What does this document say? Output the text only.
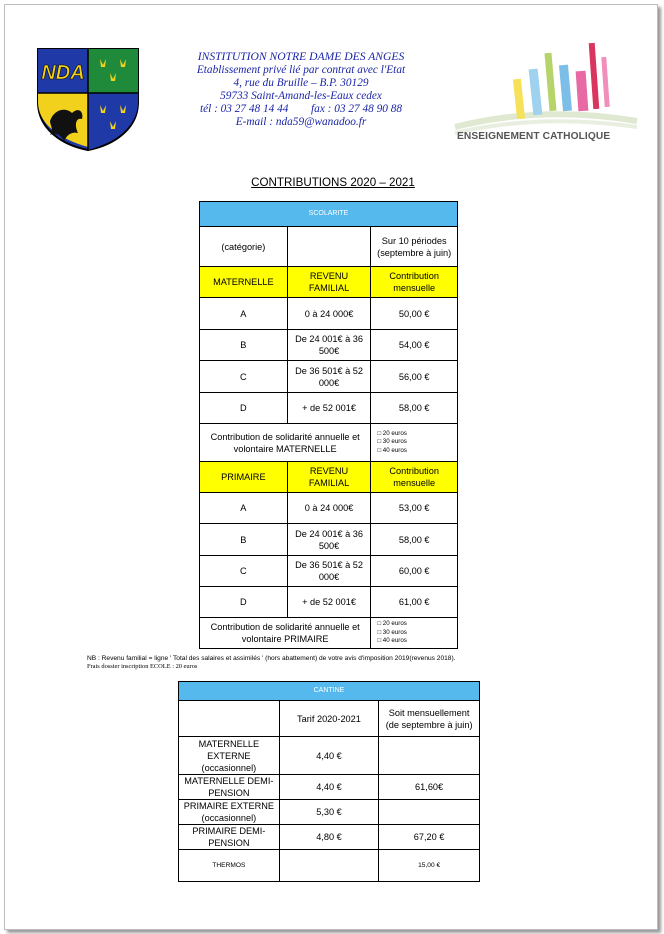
NDA
INSTITUTION NOTRE DAME DES ANGES
Etablissement privé lié par contrat avec l'Etat
4, rue du Bruille – B.P. 30129
59733 Saint-Amand-les-Eaux cedex
tél : 03 27 48 14 44        fax : 03 27 48 90 88
E-mail : nda59@wanadoo.fr
ENSEIGNEMENT CATHOLIQUE
CONTRIBUTIONS 2020 – 2021
SCOLARITE		
(catégorie)		Sur 10 périodes (septembre à juin)
MATERNELLE	REVENU FAMILIAL	Contribution mensuelle
A	0 à 24 000€	50,00 €
B	De 24 001€ à 36 500€	54,00 €
C	De 36 501€ à 52 000€	56,00 €
D	+ de 52 001€	58,00 €
Contribution de solidarité annuelle et volontaire MATERNELLE		□ 20 euros
□ 30 euros
□ 40 euros

PRIMAIRE	REVENU FAMILIAL	Contribution mensuelle
A	0 à 24 000€	53,00 €
B	De 24 001€ à 36 500€	58,00 €
C	De 36 501€ à 52 000€	60,00 €
D	+ de 52 001€	61,00 €
Contribution de solidarité annuelle et volontaire PRIMAIRE		□ 20 euros
□ 30 euros
□ 40 euros
NB : Revenu familial = ligne ' Total des salaires et assimilés ' (hors abattement) de votre avis d'imposition 2019(revenus 2018).
Frais dossier inscription ECOLE : 20 euros
CANTINE		
	Tarif 2020-2021	Soit mensuellement (de septembre à juin)
MATERNELLE EXTERNE (occasionnel)	4,40 €	
MATERNELLE DEMI-PENSION	4,40 €	61,60€
PRIMAIRE EXTERNE (occasionnel)	5,30 €	
PRIMAIRE DEMI-PENSION	4,80 €	67,20 €
THERMOS		15,00 €
